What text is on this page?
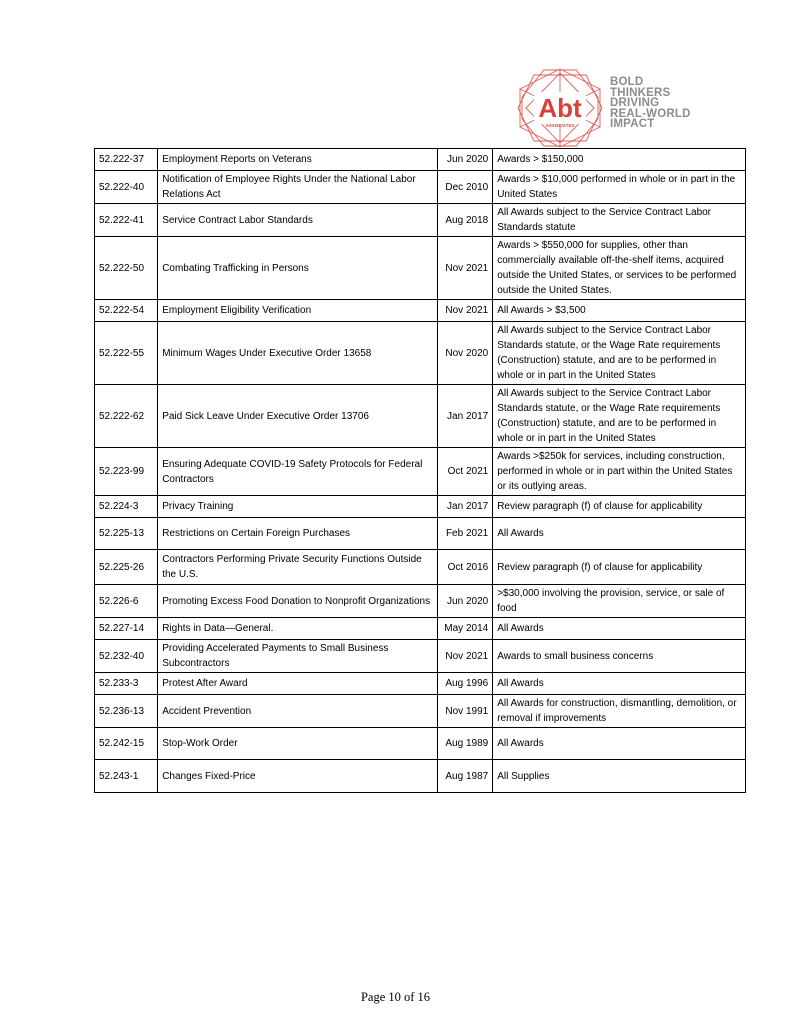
Abt
ASSOCIATES
BOLD
THINKERS
DRIVING
REAL-WORLD
IMPACT
52.222-37	Employment Reports on Veterans	Jun 2020	Awards > $150,000
52.222-40	Notification of Employee Rights Under the National Labor Relations Act	Dec 2010	Awards > $10,000 performed in whole or in part in the United States
52.222-41	Service Contract Labor Standards	Aug 2018	All Awards subject to the Service Contract Labor Standards statute
52.222-50	Combating Trafficking in Persons	Nov 2021	Awards > $550,000 for supplies, other than commercially available off-the-shelf items, acquired outside the United States, or services to be performed outside the United States.
52.222-54	Employment Eligibility Verification	Nov 2021	All Awards > $3,500
52.222-55	Minimum Wages Under Executive Order 13658	Nov 2020	All Awards subject to the Service Contract Labor Standards statute, or the Wage Rate requirements (Construction) statute, and are to be performed in whole or in part in the United States
52.222-62	Paid Sick Leave Under Executive Order 13706	Jan 2017	All Awards subject to the Service Contract Labor Standards statute, or the Wage Rate requirements (Construction) statute, and are to be performed in whole or in part in the United States
52.223-99	Ensuring Adequate COVID-19 Safety Protocols for Federal Contractors	Oct 2021	Awards >$250k for services, including construction, performed in whole or in part within the United States or its outlying areas.
52.224-3	Privacy Training	Jan 2017	Review paragraph (f) of clause for applicability
52.225-13	Restrictions on Certain Foreign Purchases	Feb 2021	All Awards
52.225-26	Contractors Performing Private Security Functions Outside the U.S.	Oct 2016	Review paragraph (f) of clause for applicability
52.226-6	Promoting Excess Food Donation to Nonprofit Organizations	Jun 2020	>$30,000 involving the provision, service, or sale of food
52.227-14	Rights in Data—General.	May 2014	All Awards
52.232-40	Providing Accelerated Payments to Small Business Subcontractors	Nov 2021	Awards to small business concerns
52.233-3	Protest After Award	Aug 1996	All Awards
52.236-13	Accident Prevention	Nov 1991	All Awards for construction, dismantling, demolition, or removal if improvements
52.242-15	Stop-Work Order	Aug 1989	All Awards
52.243-1	Changes Fixed-Price	Aug 1987	All Supplies
Page 10 of 16
